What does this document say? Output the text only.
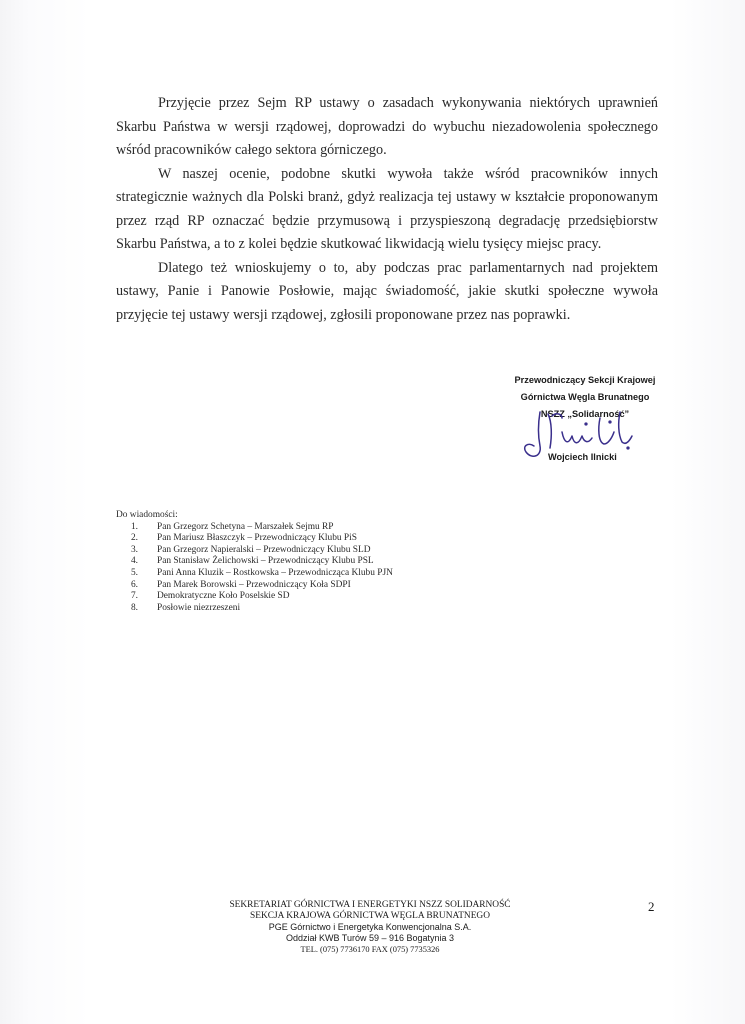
Przyjęcie przez Sejm RP ustawy o zasadach wykonywania niektórych uprawnień Skarbu Państwa w wersji rządowej, doprowadzi do wybuchu niezadowolenia społecznego wśród pracowników całego sektora górniczego.

W naszej ocenie, podobne skutki wywoła także wśród pracowników innych strategicznie ważnych dla Polski branż, gdyż realizacja tej ustawy w kształcie proponowanym przez rząd RP oznaczać będzie przymusową i przyspieszoną degradację przedsiębiorstw Skarbu Państwa, a to z kolei będzie skutkować likwidacją wielu tysięcy miejsc pracy.

Dlatego też wnioskujemy o to, aby podczas prac parlamentarnych nad projektem ustawy, Panie i Panowie Posłowie, mając świadomość, jakie skutki społeczne wywoła przyjęcie tej ustawy wersji rządowej, zgłosili proponowane przez nas poprawki.

Przewodniczący Sekcji Krajowej
Górnictwa Węgla Brunatnego
NSZZ „Solidarność”
Wojciech Ilnicki
Do wiadomości:
1.	Pan Grzegorz Schetyna – Marszałek Sejmu RP
2.	Pan Mariusz Błaszczyk – Przewodniczący Klubu PiS
3.	Pan Grzegorz Napieralski – Przewodniczący Klubu SLD
4.	Pan Stanisław Żelichowski – Przewodniczący Klubu PSL
5.	Pani Anna Kluzik – Rostkowska – Przewodnicząca Klubu PJN
6.	Pan Marek Borowski – Przewodniczący Koła SDPI
7.	Demokratyczne Koło Poselskie SD
8.	Posłowie niezrzeszeni
SEKRETARIAT GÓRNICTWA I ENERGETYKI NSZZ SOLIDARNOŚĆ
SEKCJA KRAJOWA GÓRNICTWA WĘGLA BRUNATNEGO
PGE Górnictwo i Energetyka Konwencjonalna S.A.
Oddział KWB Turów 59 – 916 Bogatynia 3
TEL. (075) 7736170 FAX (075) 7735326
2
